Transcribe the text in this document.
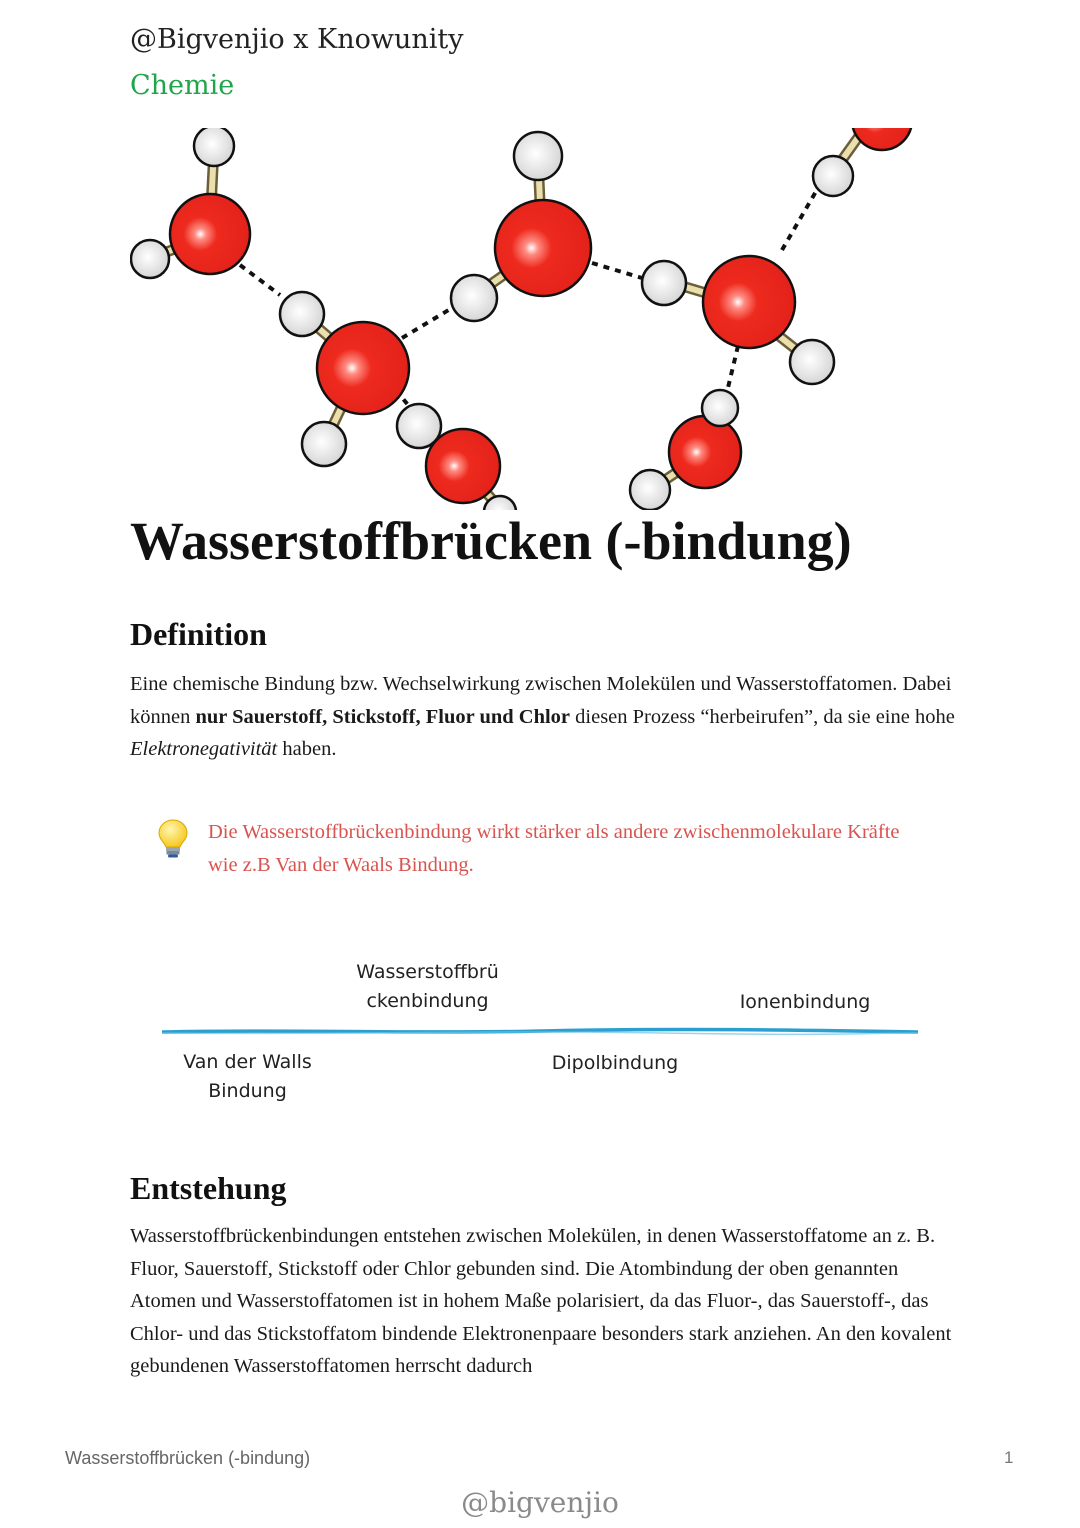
@Bigvenjio x Knowunity
Chemie
Wasserstoffbrücken (-bindung)
Definition

Eine chemische Bindung bzw. Wechselwirkung zwischen Molekülen und Wasserstoffatomen. Dabei können nur Sauerstoff, Stickstoff, Fluor und Chlor diesen Prozess “herbeirufen”, da sie eine hohe Elektronegativität haben.

Die Wasserstoffbrückenbindung wirkt stärker als andere zwischenmolekulare Kräfte wie z.B Van der Waals Bindung.

Wasserstoffbrü
ckenbindung	Ionenbindung
Van der Walls
Bindung
Dipolbindung
Entstehung

Wasserstoffbrückenbindungen entstehen zwischen Molekülen, in denen Wasserstoffatome an z. B. Fluor, Sauerstoff, Stickstoff oder Chlor gebunden sind. Die Atombindung der oben genannten Atomen und Wasserstoffatomen ist in hohem Maße polarisiert, da das Fluor-, das Sauerstoff-, das Chlor- und das Stickstoffatom bindende Elektronenpaare besonders stark anziehen. An den kovalent gebundenen Wasserstoffatomen herrscht dadurch

Wasserstoffbrücken (-bindung)	1
@bigvenjio
